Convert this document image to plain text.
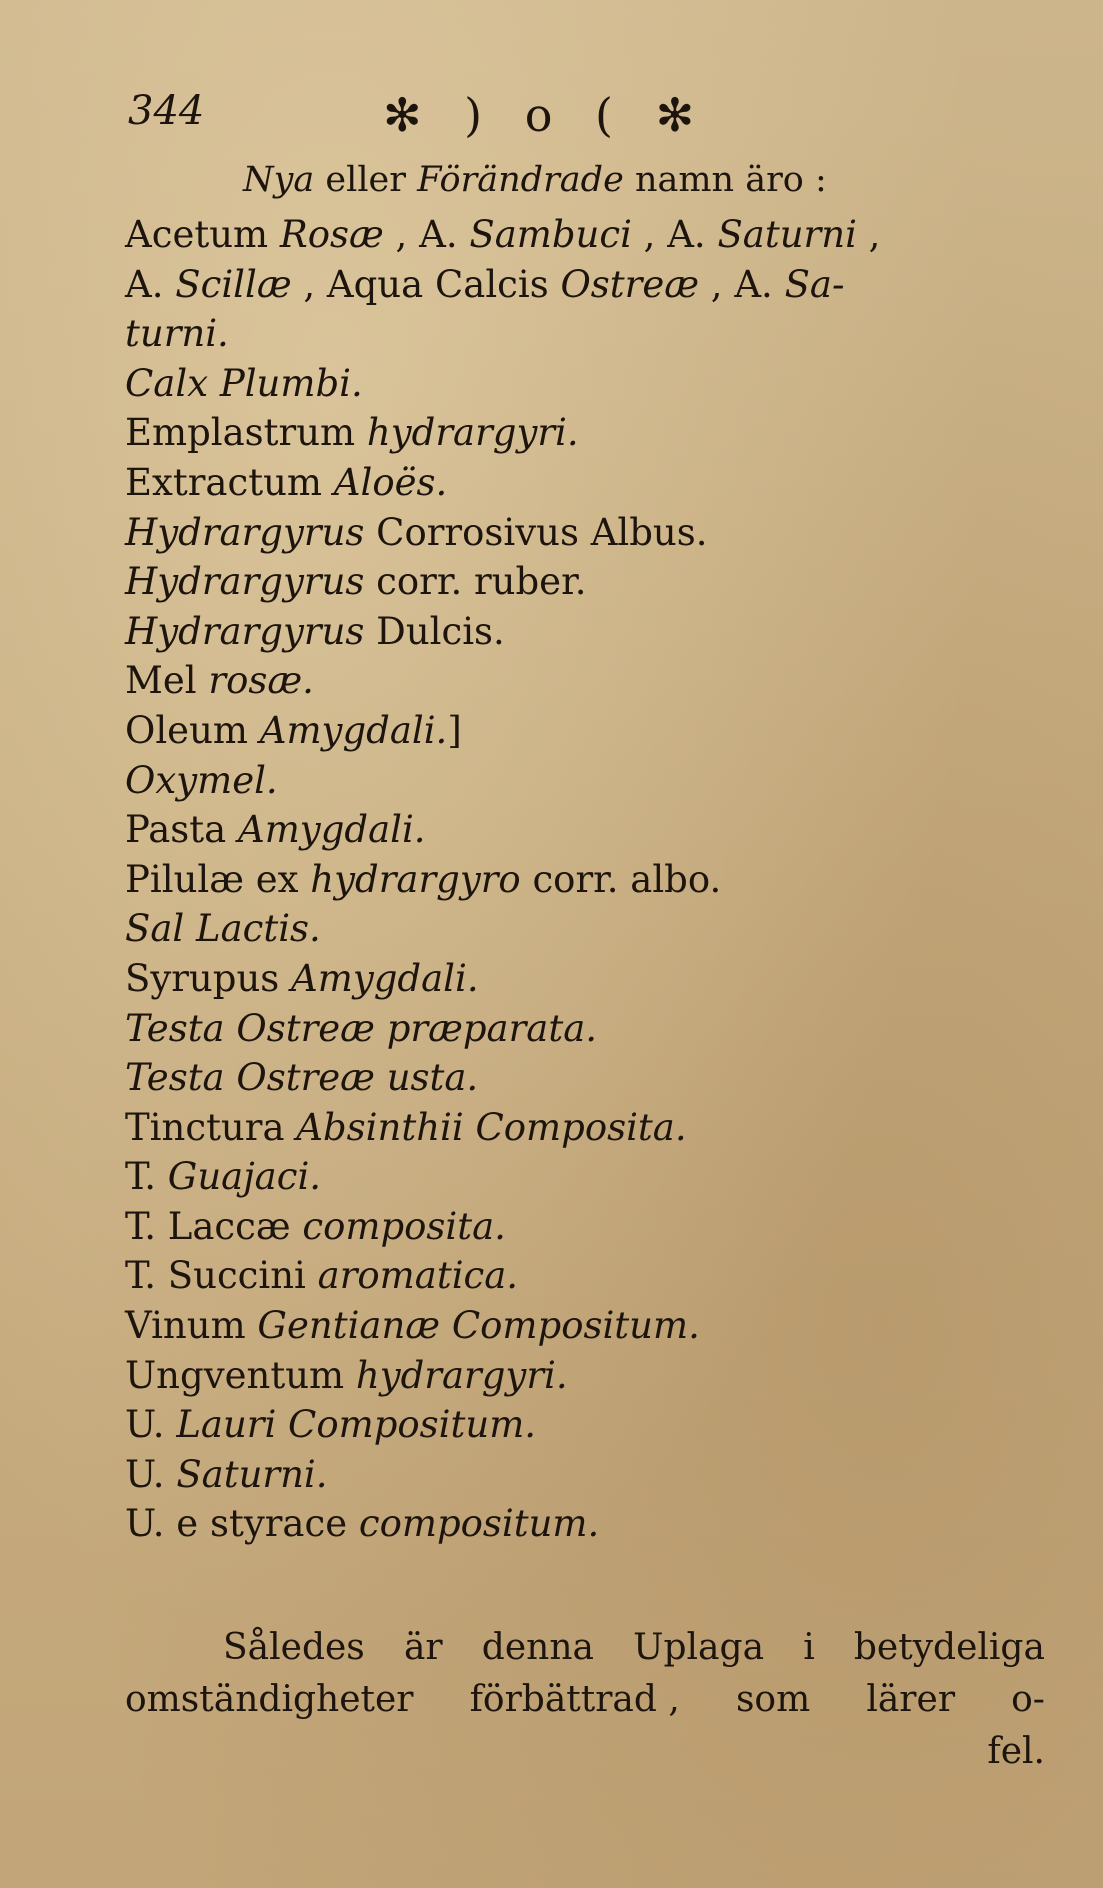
344	✻ ) o ( ✻
Nya eller Förändrade namn äro :
Acetum Rosæ , A. Sambuci , A. Saturni ,
A. Scillæ , Aqua Calcis Ostreæ , A. Sa-
turni.
Calx Plumbi.
Emplastrum hydrargyri.
Extractum Aloës.
Hydrargyrus Corrosivus Albus.
Hydrargyrus corr. ruber.
Hydrargyrus Dulcis.
Mel rosæ.
Oleum Amygdali.]
Oxymel.
Pasta Amygdali.
Pilulæ ex hydrargyro corr. albo.
Sal Lactis.
Syrupus Amygdali.
Testa Ostreæ præparata.
Testa Ostreæ usta.
Tinctura Absinthii Composita.
T. Guajaci.
T. Laccæ composita.
T. Succini aromatica.
Vinum Gentianæ Compositum.
Ungventum hydrargyri.
U. Lauri Compositum.
U. Saturni.
U. e styrace compositum.
Således är denna Uplaga i betydeliga
omständigheter förbättrad , som lärer o-
fel.
